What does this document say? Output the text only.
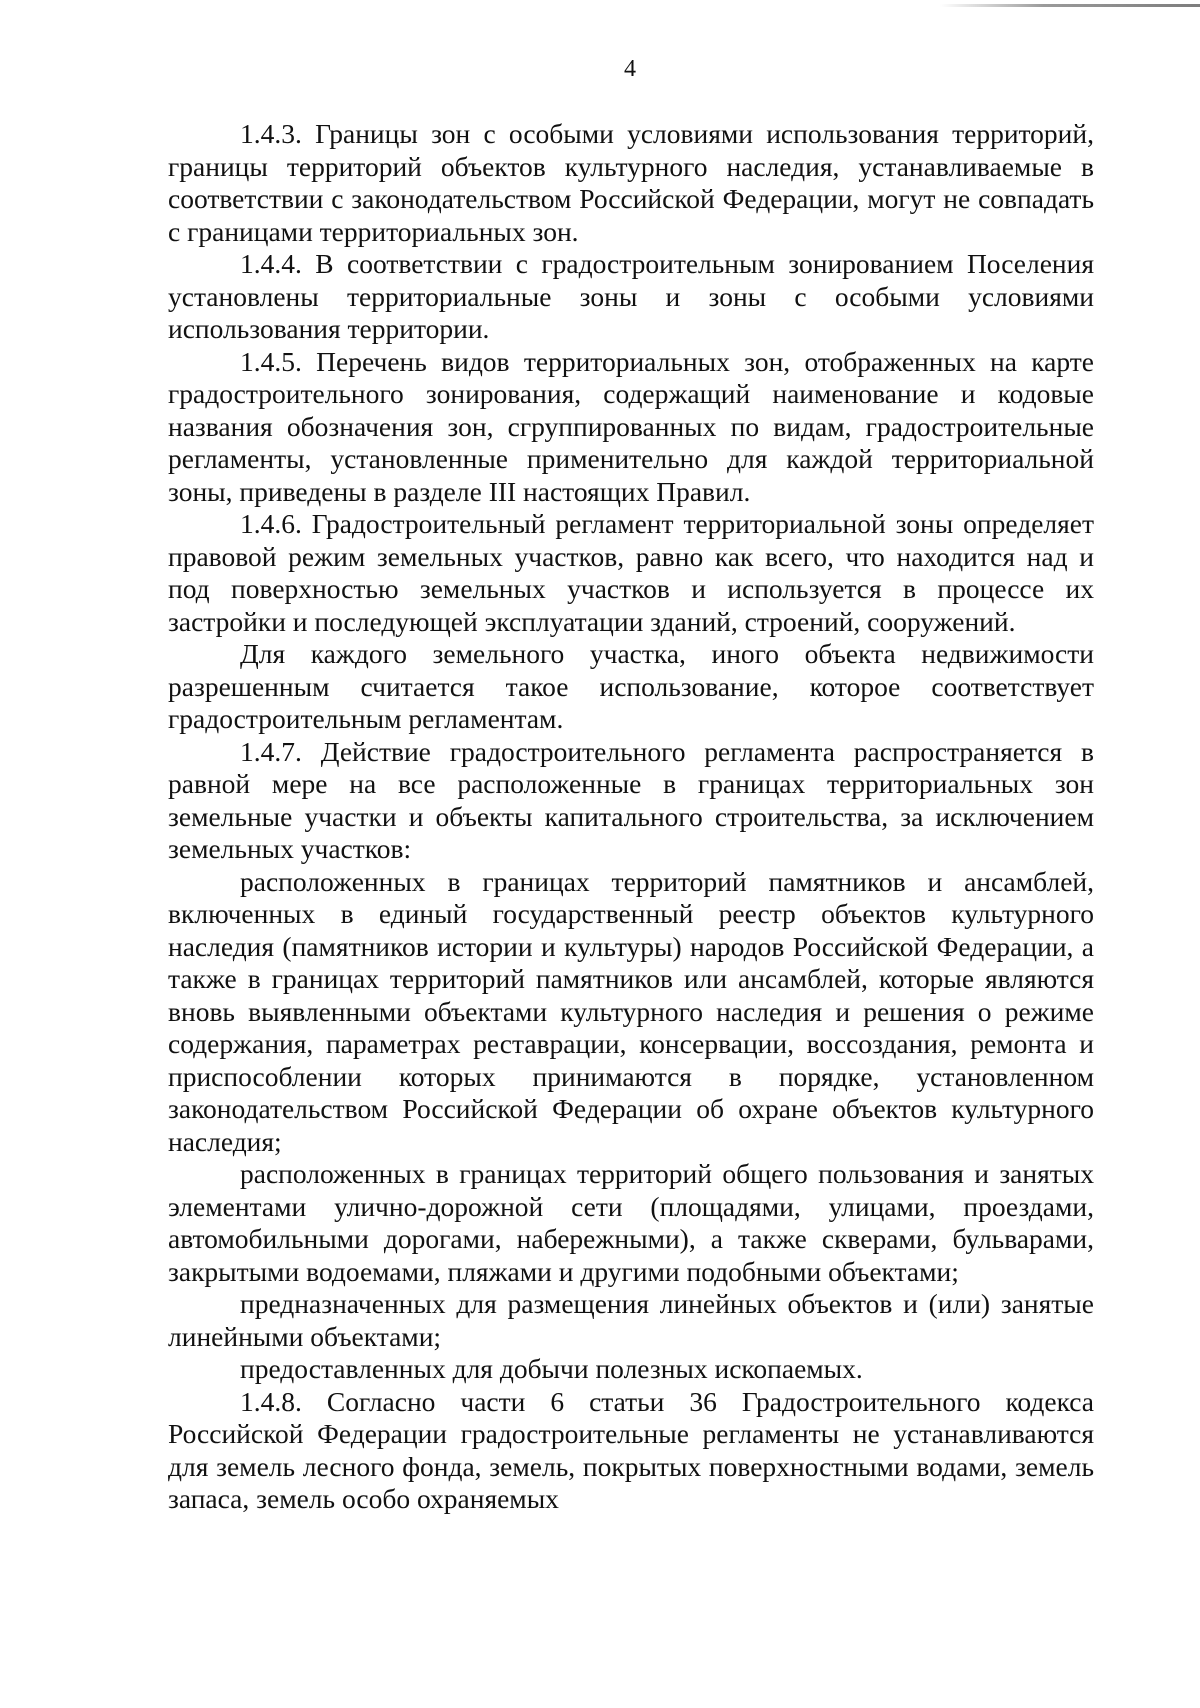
4

1.4.3. Границы зон с особыми условиями использования территорий, границы территорий объектов культурного наследия, устанавливаемые в соответствии с законодательством Российской Федерации, могут не совпадать с границами территориальных зон.

1.4.4. В соответствии с градостроительным зонированием Поселения установлены территориальные зоны и зоны с особыми условиями использования территории.

1.4.5. Перечень видов территориальных зон, отображенных на карте градостроительного зонирования, содержащий наименование и кодовые названия обозначения зон, сгруппированных по видам, градостроительные регламенты, установленные применительно для каждой территориальной зоны, приведены в разделе III настоящих Правил.

1.4.6. Градостроительный регламент территориальной зоны определяет правовой режим земельных участков, равно как всего, что находится над и под поверхностью земельных участков и используется в процессе их застройки и последующей эксплуатации зданий, строений, сооружений.

Для каждого земельного участка, иного объекта недвижимости разрешенным считается такое использование, которое соответствует градостроительным регламентам.

1.4.7. Действие градостроительного регламента распространяется в равной мере на все расположенные в границах территориальных зон земельные участки и объекты капитального строительства, за исключением земельных участков:

расположенных в границах территорий памятников и ансамблей, включенных в единый государственный реестр объектов культурного наследия (памятников истории и культуры) народов Российской Федерации, а также в границах территорий памятников или ансамблей, которые являются вновь выявленными объектами культурного наследия и решения о режиме содержания, параметрах реставрации, консервации, воссоздания, ремонта и приспособлении которых принимаются в порядке, установленном законодательством Российской Федерации об охране объектов культурного наследия;

расположенных в границах территорий общего пользования и занятых элементами улично-дорожной сети (площадями, улицами, проездами, автомобильными дорогами, набережными), а также скверами, бульварами, закрытыми водоемами, пляжами и другими подобными объектами;

предназначенных для размещения линейных объектов и (или) занятые линейными объектами;

предоставленных для добычи полезных ископаемых.

1.4.8. Согласно части 6 статьи 36 Градостроительного кодекса Российской Федерации градостроительные регламенты не устанавливаются для земель лесного фонда, земель, покрытых поверхностными водами, земель запаса, земель особо охраняемых
